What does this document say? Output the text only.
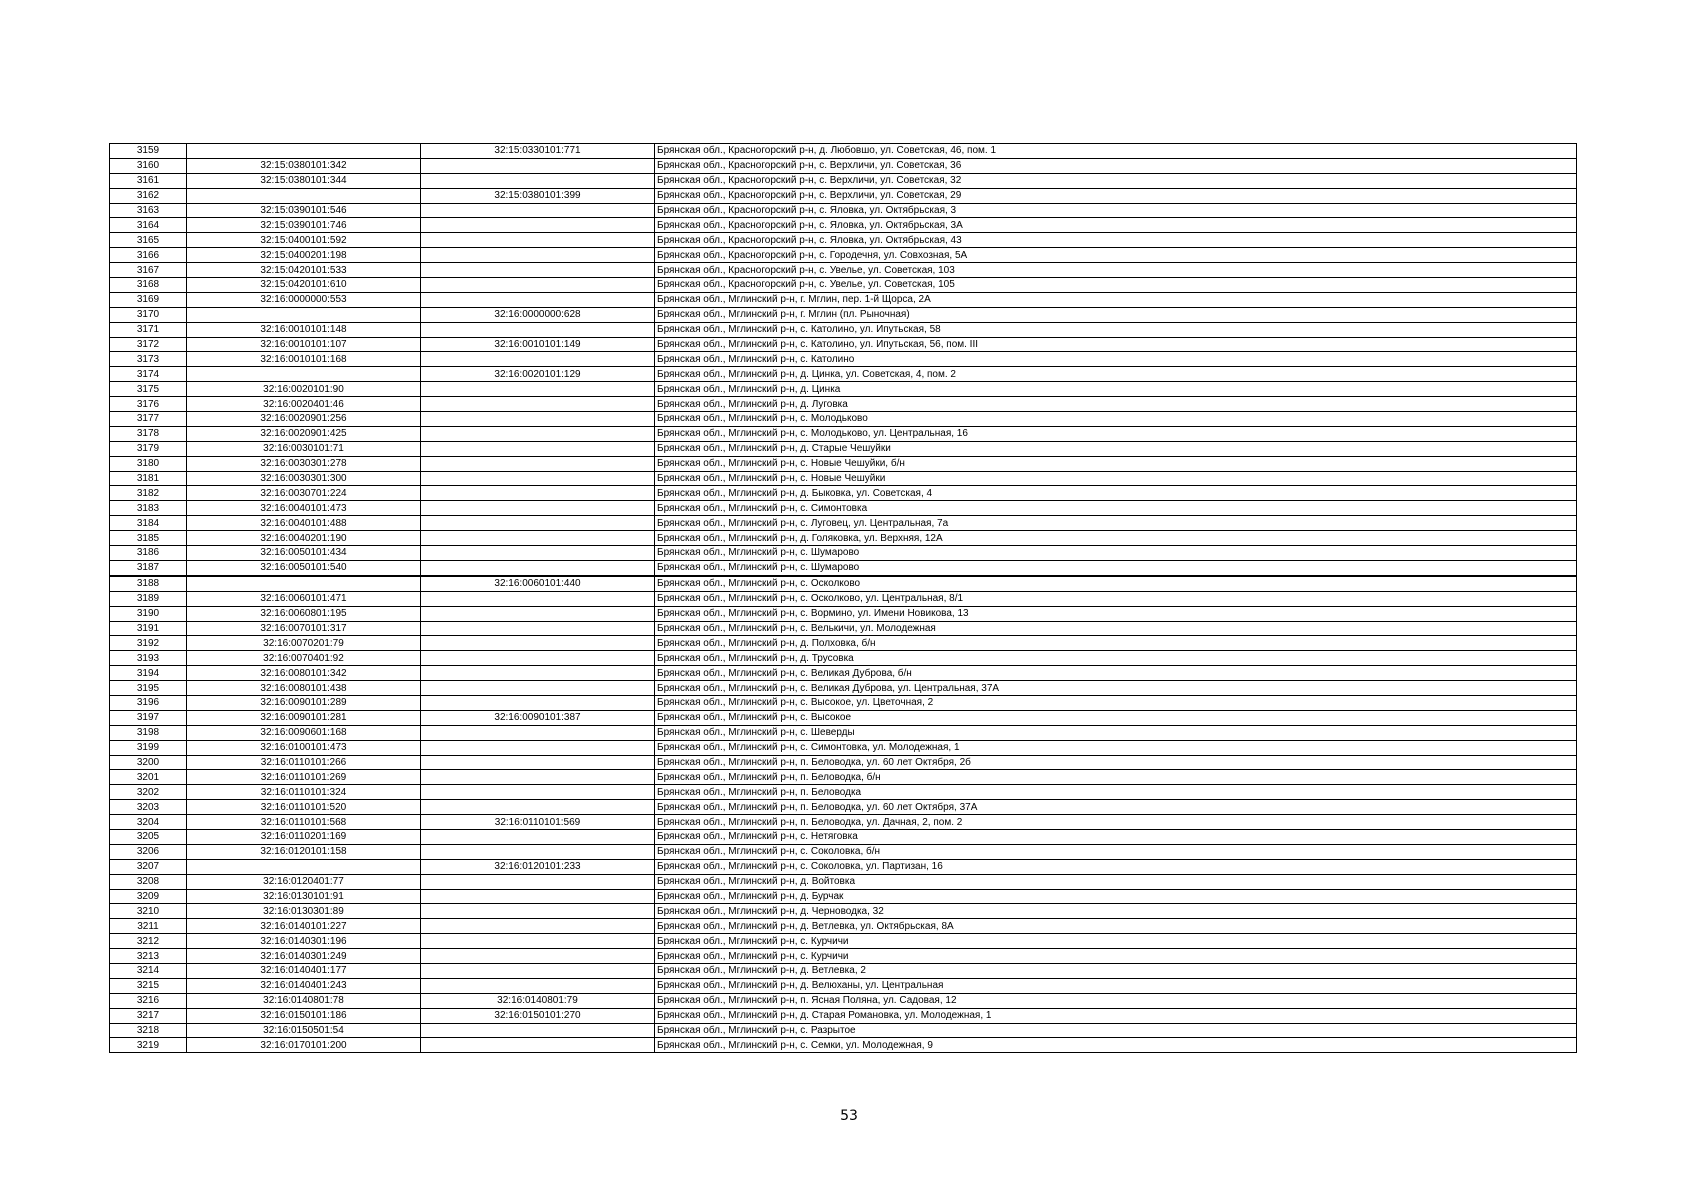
3159		32:15:0330101:771	Брянская обл., Красногорский р-н, д. Любовшо, ул. Советская, 46, пом. 1
3160	32:15:0380101:342		Брянская обл., Красногорский р-н, с. Верхличи, ул. Советская, 36
3161	32:15:0380101:344		Брянская обл., Красногорский р-н, с. Верхличи, ул. Советская, 32
3162		32:15:0380101:399	Брянская обл., Красногорский р-н, с. Верхличи, ул. Советская, 29
3163	32:15:0390101:546		Брянская обл., Красногорский р-н, с. Яловка, ул. Октябрьская, 3
3164	32:15:0390101:746		Брянская обл., Красногорский р-н, с. Яловка, ул. Октябрьская, 3А
3165	32:15:0400101:592		Брянская обл., Красногорский р-н, с. Яловка, ул. Октябрьская, 43
3166	32:15:0400201:198		Брянская обл., Красногорский р-н, с. Городечня, ул. Совхозная, 5А
3167	32:15:0420101:533		Брянская обл., Красногорский р-н, с. Увелье, ул. Советская, 103
3168	32:15:0420101:610		Брянская обл., Красногорский р-н, с. Увелье, ул. Советская, 105
3169	32:16:0000000:553		Брянская обл., Мглинский р-н, г. Мглин, пер. 1-й Щорса, 2А
3170		32:16:0000000:628	Брянская обл., Мглинский р-н, г. Мглин (пл. Рыночная)
3171	32:16:0010101:148		Брянская обл., Мглинский р-н, с. Католино, ул. Ипутьская, 58
3172	32:16:0010101:107	32:16:0010101:149	Брянская обл., Мглинский р-н, с. Католино, ул. Ипутьская, 56, пом. III
3173	32:16:0010101:168		Брянская обл., Мглинский р-н, с. Католино
3174		32:16:0020101:129	Брянская обл., Мглинский р-н, д. Цинка, ул. Советская, 4, пом. 2
3175	32:16:0020101:90		Брянская обл., Мглинский р-н, д. Цинка
3176	32:16:0020401:46		Брянская обл., Мглинский р-н, д. Луговка
3177	32:16:0020901:256		Брянская обл., Мглинский р-н, с. Молодьково
3178	32:16:0020901:425		Брянская обл., Мглинский р-н, с. Молодьково, ул. Центральная, 16
3179	32:16:0030101:71		Брянская обл., Мглинский р-н, д. Старые Чешуйки
3180	32:16:0030301:278		Брянская обл., Мглинский р-н, с. Новые Чешуйки, б/н
3181	32:16:0030301:300		Брянская обл., Мглинский р-н, с. Новые Чешуйки
3182	32:16:0030701:224		Брянская обл., Мглинский р-н, д. Быковка, ул. Советская, 4
3183	32:16:0040101:473		Брянская обл., Мглинский р-н, с. Симонтовка
3184	32:16:0040101:488		Брянская обл., Мглинский р-н, с. Луговец, ул. Центральная, 7а
3185	32:16:0040201:190		Брянская обл., Мглинский р-н, д. Голяковка, ул. Верхняя, 12А
3186	32:16:0050101:434		Брянская обл., Мглинский р-н, с. Шумарово
3187	32:16:0050101:540		Брянская обл., Мглинский р-н, с. Шумарово
3188		32:16:0060101:440	Брянская обл., Мглинский р-н, с. Осколково
3189	32:16:0060101:471		Брянская обл., Мглинский р-н, с. Осколково, ул. Центральная, 8/1
3190	32:16:0060801:195		Брянская обл., Мглинский р-н, с. Вормино, ул. Имени Новикова, 13
3191	32:16:0070101:317		Брянская обл., Мглинский р-н, с. Велькичи, ул. Молодежная
3192	32:16:0070201:79		Брянская обл., Мглинский р-н, д. Полховка, б/н
3193	32:16:0070401:92		Брянская обл., Мглинский р-н, д. Трусовка
3194	32:16:0080101:342		Брянская обл., Мглинский р-н, с. Великая Дуброва, б/н
3195	32:16:0080101:438		Брянская обл., Мглинский р-н, с. Великая Дуброва, ул. Центральная, 37А
3196	32:16:0090101:289		Брянская обл., Мглинский р-н, с. Высокое, ул. Цветочная, 2
3197	32:16:0090101:281	32:16:0090101:387	Брянская обл., Мглинский р-н, с. Высокое
3198	32:16:0090601:168		Брянская обл., Мглинский р-н, с. Шеверды
3199	32:16:0100101:473		Брянская обл., Мглинский р-н, с. Симонтовка, ул. Молодежная, 1
3200	32:16:0110101:266		Брянская обл., Мглинский р-н, п. Беловодка, ул. 60 лет Октября, 2б
3201	32:16:0110101:269		Брянская обл., Мглинский р-н, п. Беловодка, б/н
3202	32:16:0110101:324		Брянская обл., Мглинский р-н, п. Беловодка
3203	32:16:0110101:520		Брянская обл., Мглинский р-н, п. Беловодка, ул. 60 лет Октября, 37А
3204	32:16:0110101:568	32:16:0110101:569	Брянская обл., Мглинский р-н, п. Беловодка, ул. Дачная, 2, пом. 2
3205	32:16:0110201:169		Брянская обл., Мглинский р-н, с. Нетяговка
3206	32:16:0120101:158		Брянская обл., Мглинский р-н, с. Соколовка, б/н
3207		32:16:0120101:233	Брянская обл., Мглинский р-н, с. Соколовка, ул. Партизан, 16
3208	32:16:0120401:77		Брянская обл., Мглинский р-н, д. Войтовка
3209	32:16:0130101:91		Брянская обл., Мглинский р-н, д. Бурчак
3210	32:16:0130301:89		Брянская обл., Мглинский р-н, д. Черноводка, 32
3211	32:16:0140101:227		Брянская обл., Мглинский р-н, д. Ветлевка, ул. Октябрьская, 8А
3212	32:16:0140301:196		Брянская обл., Мглинский р-н, с. Курчичи
3213	32:16:0140301:249		Брянская обл., Мглинский р-н, с. Курчичи
3214	32:16:0140401:177		Брянская обл., Мглинский р-н, д. Ветлевка, 2
3215	32:16:0140401:243		Брянская обл., Мглинский р-н, д. Велюханы, ул. Центральная
3216	32:16:0140801:78	32:16:0140801:79	Брянская обл., Мглинский р-н, п. Ясная Поляна, ул. Садовая, 12
3217	32:16:0150101:186	32:16:0150101:270	Брянская обл., Мглинский р-н, д. Старая Романовка, ул. Молодежная, 1
3218	32:16:0150501:54		Брянская обл., Мглинский р-н, с. Разрытое
3219	32:16:0170101:200		Брянская обл., Мглинский р-н, с. Семки, ул. Молодежная, 9
53
